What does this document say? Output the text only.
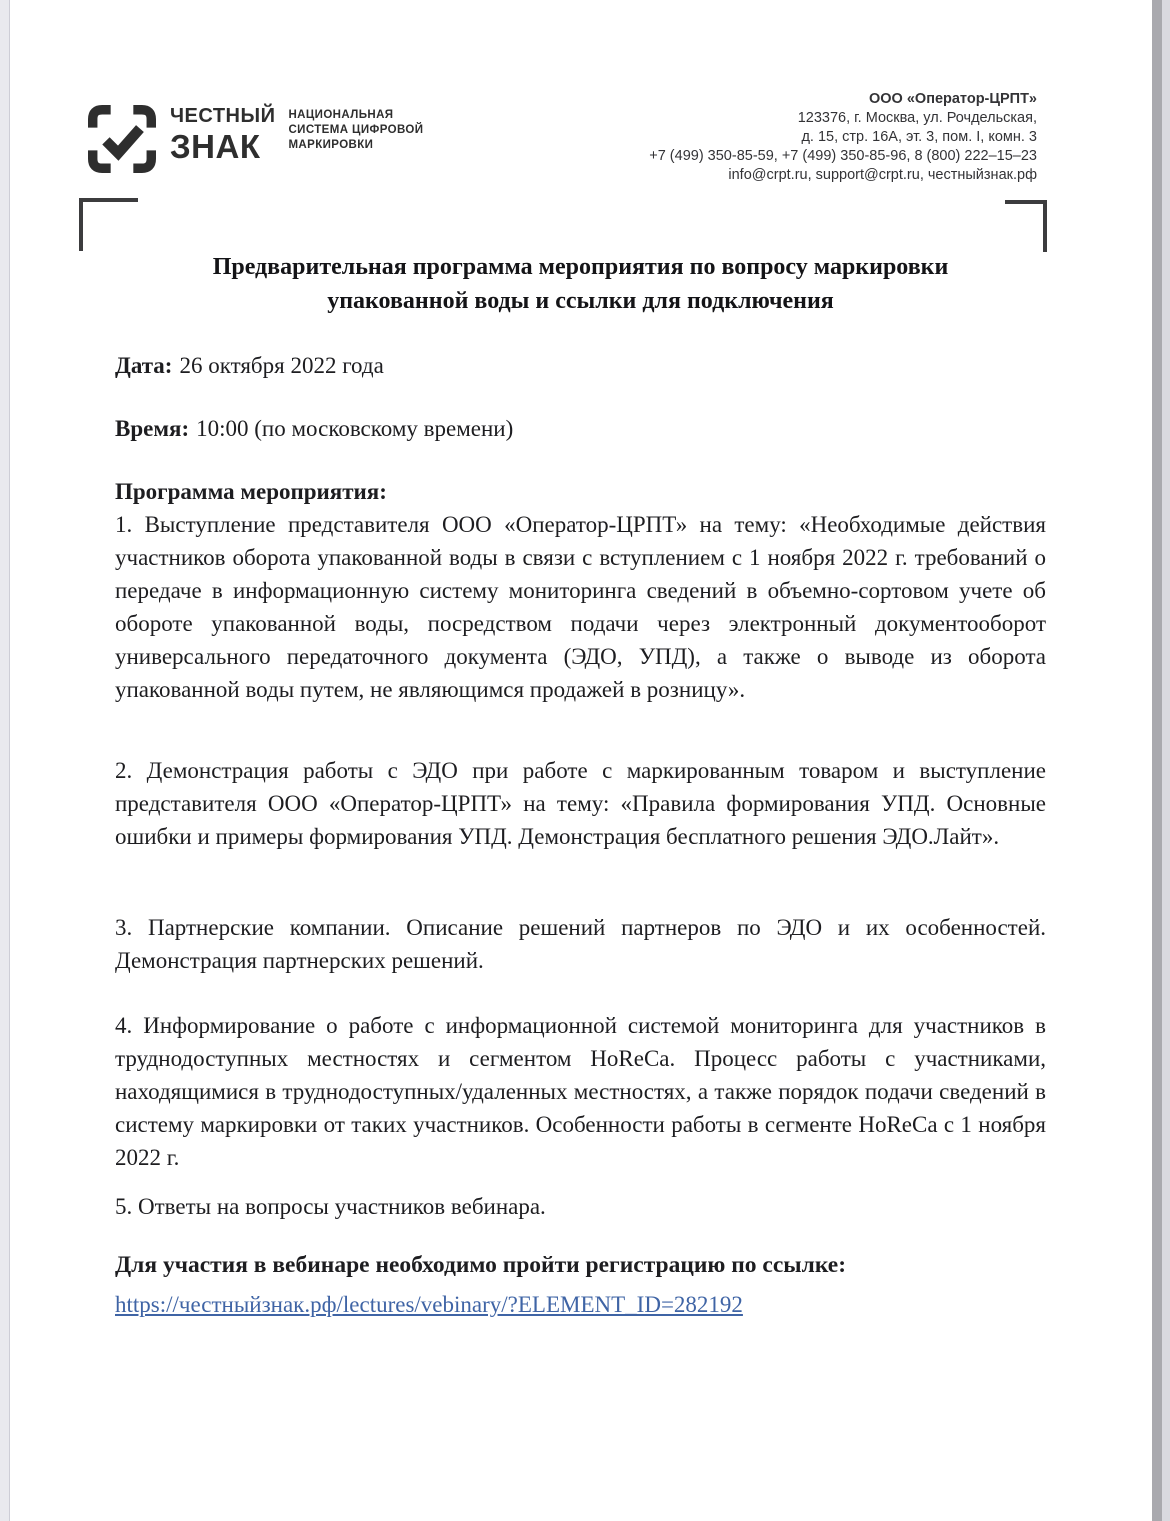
ЧЕСТНЫЙ
ЗНАК
НАЦИОНАЛЬНАЯ
СИСТЕМА ЦИФРОВОЙ
МАРКИРОВКИ
ООО «Оператор-ЦРПТ»
123376, г. Москва, ул. Рочдельская,
д. 15, стр. 16А, эт. 3, пом. I, комн. 3
+7 (499) 350-85-59, +7 (499) 350-85-96, 8 (800) 222–15–23
info@crpt.ru, support@crpt.ru, честныйзнак.рф
Предварительная программа мероприятия по вопросу маркировки
упакованной воды и ссылки для подключения

Дата: 26 октября 2022 года

Время: 10:00 (по московскому времени)

Программа мероприятия:

1. Выступление представителя ООО «Оператор-ЦРПТ» на тему: «Необходимые действия участников оборота упакованной воды в связи с вступлением с 1 ноября 2022 г. требований о передаче в информационную систему мониторинга сведений в объемно-сортовом учете об обороте упакованной воды, посредством подачи через электронный документооборот универсального передаточного документа (ЭДО, УПД), а также о выводе из оборота упакованной воды путем, не являющимся продажей в розницу».

2. Демонстрация работы с ЭДО при работе с маркированным товаром и выступление представителя ООО «Оператор-ЦРПТ» на тему: «Правила формирования УПД. Основные ошибки и примеры формирования УПД. Демонстрация бесплатного решения ЭДО.Лайт».

3. Партнерские компании. Описание решений партнеров по ЭДО и их особенностей. Демонстрация партнерских решений.

4. Информирование о работе с информационной системой мониторинга для участников в труднодоступных местностях и сегментом HoReCa. Процесс работы с участниками, находящимися в труднодоступных/удаленных местностях, а также порядок подачи сведений в систему маркировки от таких участников. Особенности работы в сегменте HoReCa с 1 ноября 2022 г.

5. Ответы на вопросы участников вебинара.

Для участия в вебинаре необходимо пройти регистрацию по ссылке:

https://честныйзнак.рф/lectures/vebinary/?ELEMENT_ID=282192
